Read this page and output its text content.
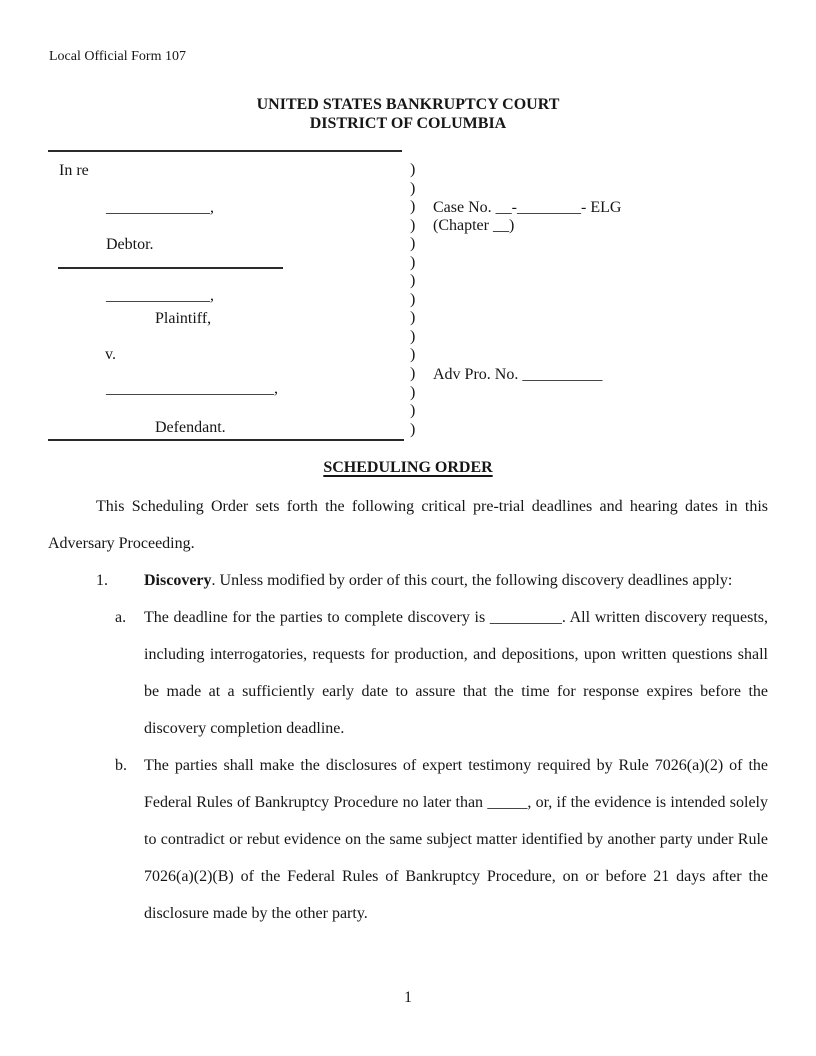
Local Official Form 107
UNITED STATES BANKRUPTCY COURT
DISTRICT OF COLUMBIA
In re
_____________,
Debtor.
_____________,
Plaintiff,
v.
_____________________,
Defendant.
)
)
)
)
)
)
)
)
)
)
)
)
)
)
)
Case No. __-________- ELG
(Chapter __)
Adv Pro. No. __________
SCHEDULING ORDER

This Scheduling Order sets forth the following critical pre-trial deadlines and hearing dates in this Adversary Proceeding.

1. Discovery. Unless modified by order of this court, the following discovery deadlines apply:
a.	The deadline for the parties to complete discovery is _________. All written discovery requests, including interrogatories, requests for production, and depositions, upon written questions shall be made at a sufficiently early date to assure that the time for response expires before the discovery completion deadline.
b.	The parties shall make the disclosures of expert testimony required by Rule 7026(a)(2) of the Federal Rules of Bankruptcy Procedure no later than _____, or, if the evidence is intended solely to contradict or rebut evidence on the same subject matter identified by another party under Rule 7026(a)(2)(B) of the Federal Rules of Bankruptcy Procedure, on or before 21 days after the disclosure made by the other party.
1
